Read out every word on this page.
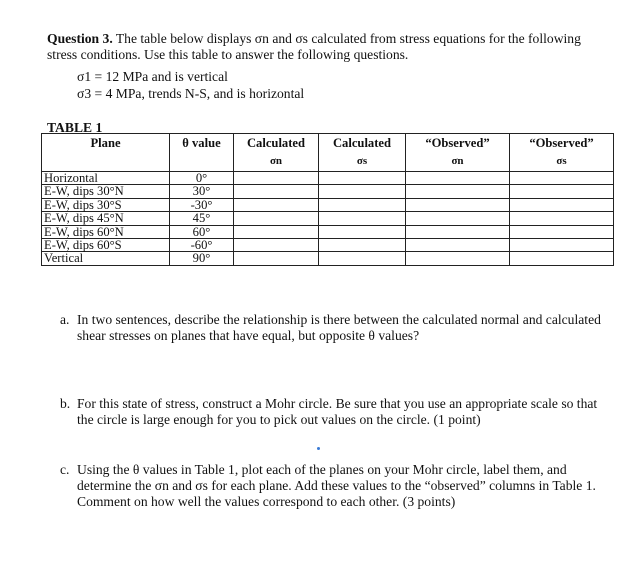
Question 3. The table below displays σn and σs calculated from stress equations for the following stress conditions. Use this table to answer the following questions.
σ1 = 12 MPa and is vertical
σ3 = 4 MPa, trends N-S, and is horizontal
TABLE 1
Plane	θ value	Calculated	Calculated	“Observed”	“Observed”
		σn	σs	σn	σs
Horizontal	0°				
E-W, dips 30°N	30°				
E-W, dips 30°S	-30°				
E-W, dips 45°N	45°				
E-W, dips 60°N	60°				
E-W, dips 60°S	-60°				
Vertical	90°				
a. In two sentences, describe the relationship is there between the calculated normal and calculated shear stresses on planes that have equal, but opposite θ values?
b. For this state of stress, construct a Mohr circle. Be sure that you use an appropriate scale so that the circle is large enough for you to pick out values on the circle. (1 point)
c. Using the θ values in Table 1, plot each of the planes on your Mohr circle, label them, and determine the σn and σs for each plane. Add these values to the “observed” columns in Table 1. Comment on how well the values correspond to each other. (3 points)
